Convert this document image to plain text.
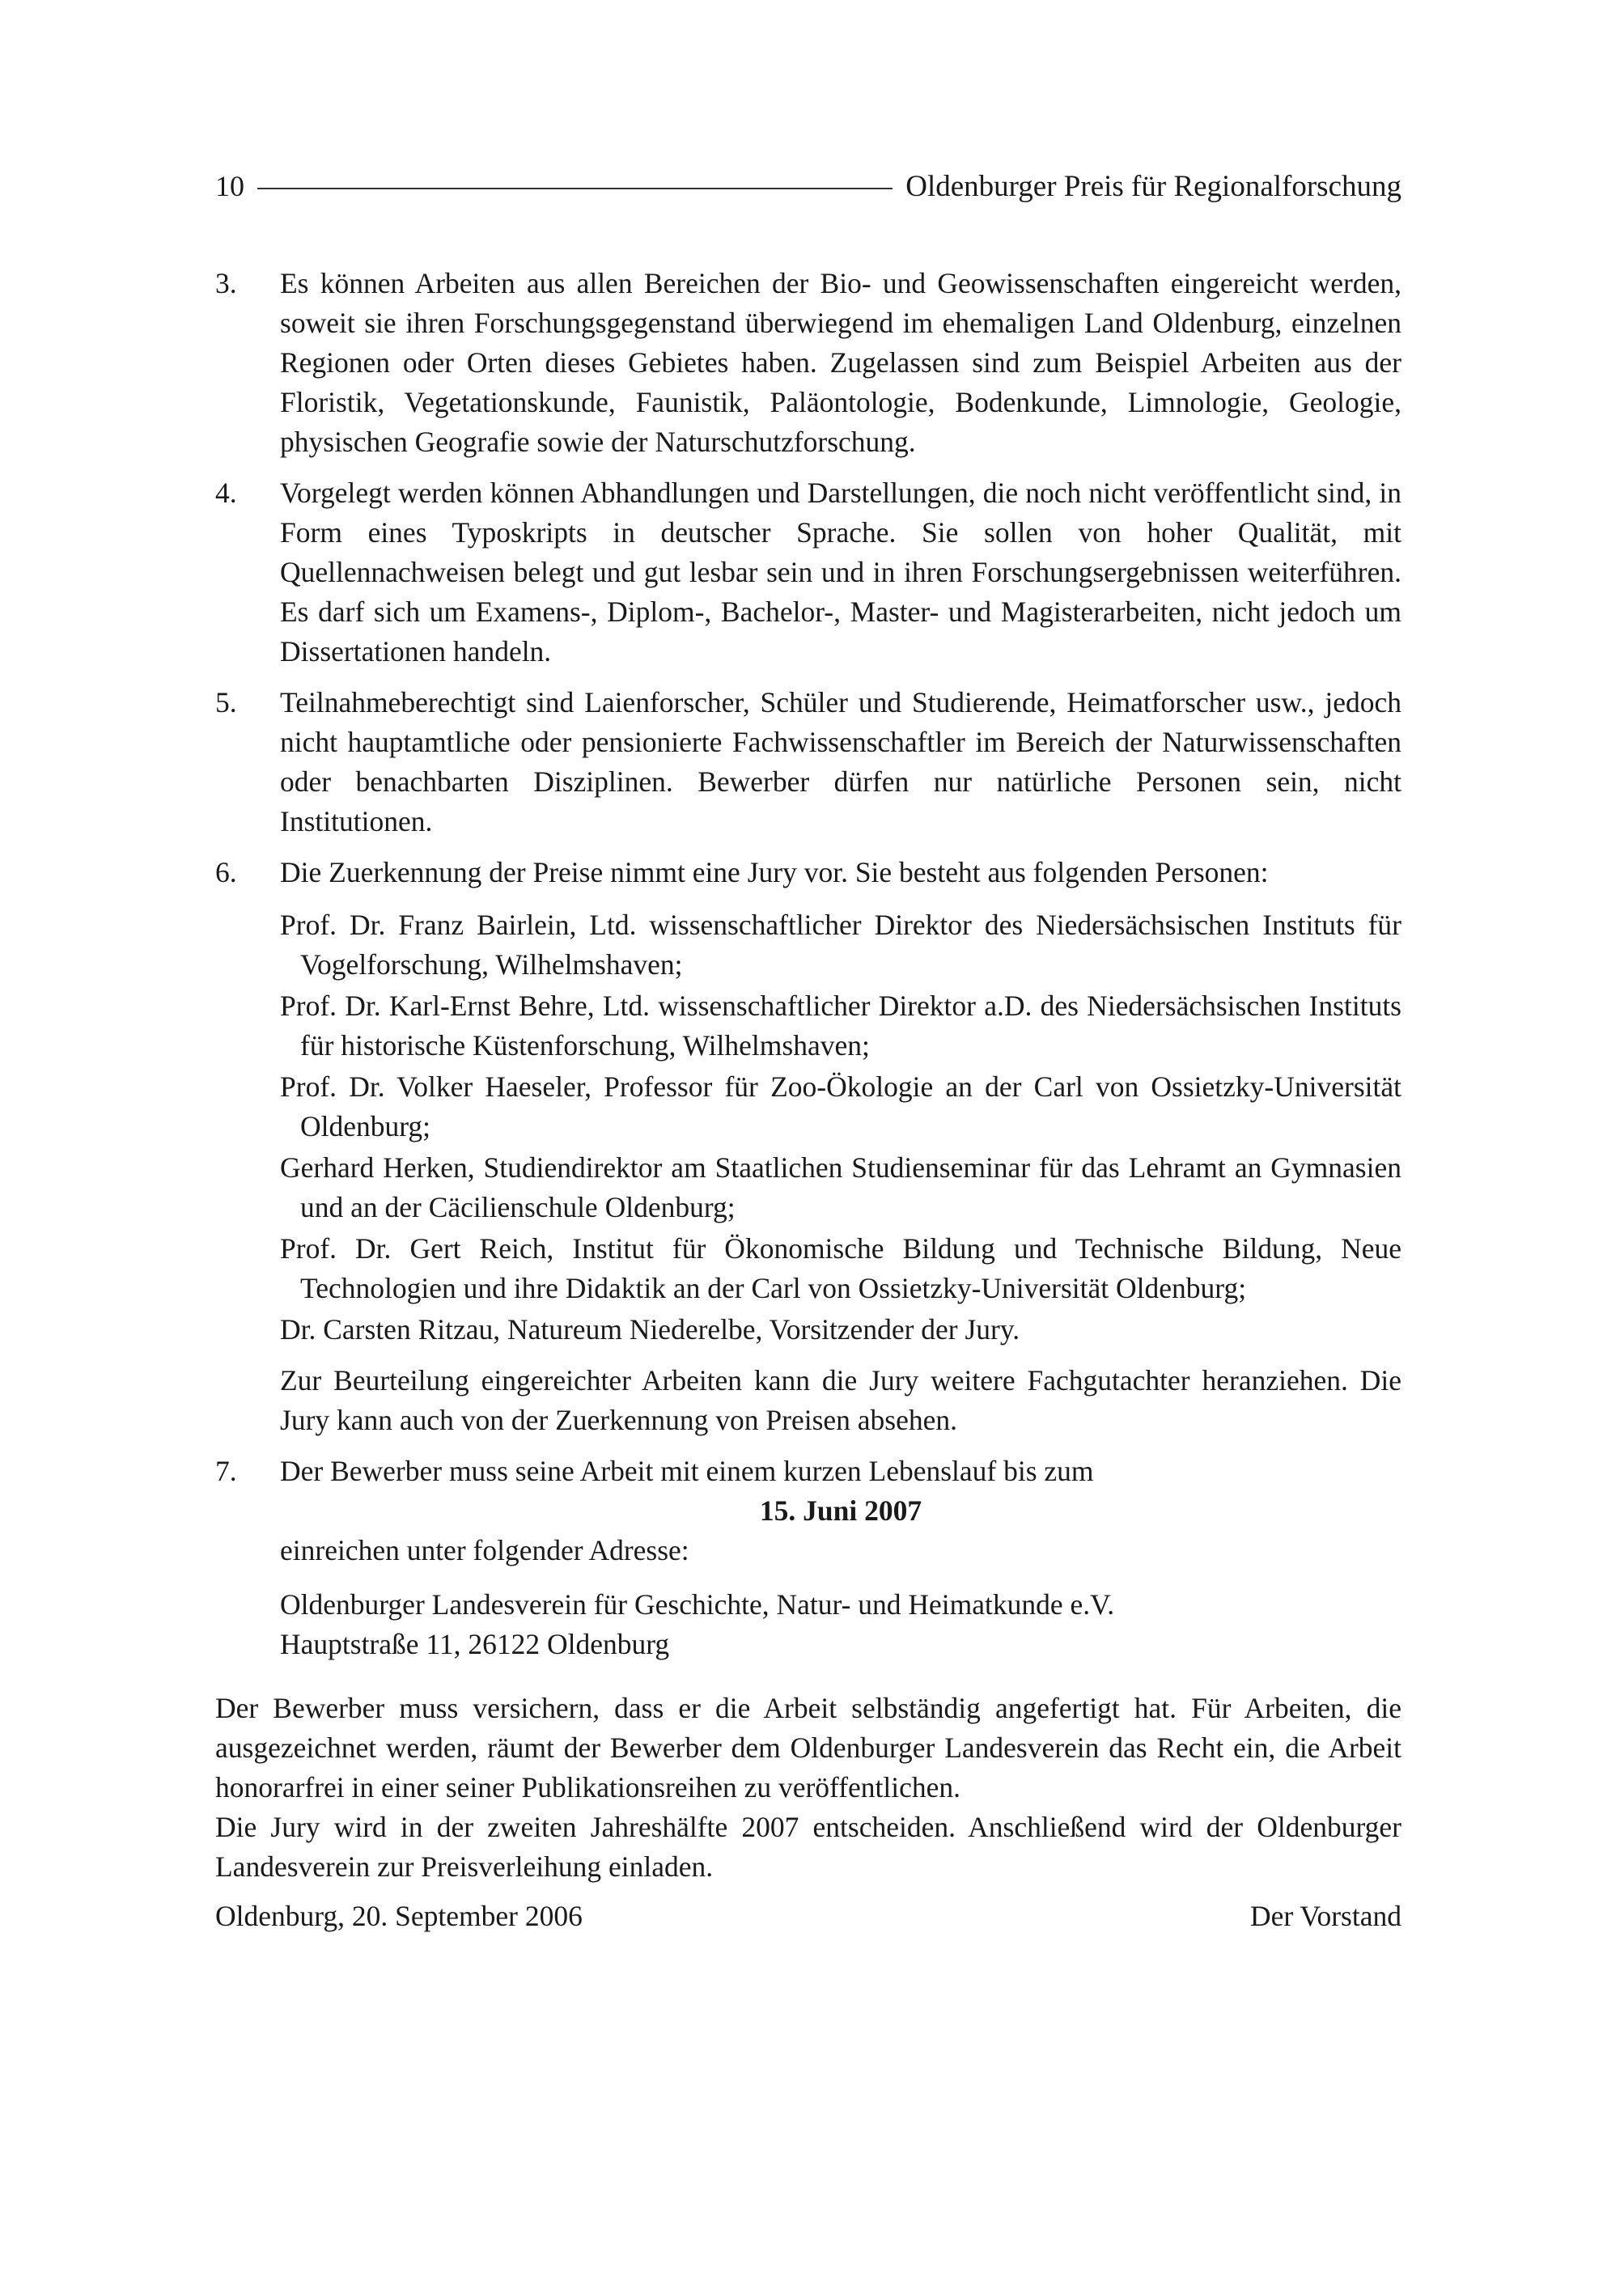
10	Oldenburger Preis für Regionalforschung
3.	Es können Arbeiten aus allen Bereichen der Bio- und Geowissenschaften eingereicht werden, soweit sie ihren Forschungsgegenstand überwiegend im ehemaligen Land Oldenburg, einzelnen Regionen oder Orten dieses Gebietes haben. Zugelassen sind zum Beispiel Arbeiten aus der Floristik, Vegetationskunde, Faunistik, Paläontologie, Bodenkunde, Limnologie, Geologie, physischen Geografie sowie der Naturschutzforschung.

4.	Vorgelegt werden können Abhandlungen und Darstellungen, die noch nicht veröffentlicht sind, in Form eines Typoskripts in deutscher Sprache. Sie sollen von hoher Qualität, mit Quellennachweisen belegt und gut lesbar sein und in ihren Forschungsergebnissen weiterführen. Es darf sich um Examens-, Diplom-, Bachelor-, Master- und Magisterarbeiten, nicht jedoch um Dissertationen handeln.

5.	Teilnahmeberechtigt sind Laienforscher, Schüler und Studierende, Heimatforscher usw., jedoch nicht hauptamtliche oder pensionierte Fachwissenschaftler im Bereich der Naturwissenschaften oder benachbarten Disziplinen. Bewerber dürfen nur natürliche Personen sein, nicht Institutionen.

6.	Die Zuerkennung der Preise nimmt eine Jury vor. Sie besteht aus folgenden Personen:

Prof. Dr. Franz Bairlein, Ltd. wissenschaftlicher Direktor des Niedersächsischen Instituts für Vogelforschung, Wilhelmshaven;

Prof. Dr. Karl-Ernst Behre, Ltd. wissenschaftlicher Direktor a.D. des Niedersächsischen Instituts für historische Küstenforschung, Wilhelmshaven;

Prof. Dr. Volker Haeseler, Professor für Zoo-Ökologie an der Carl von Ossietzky-Universität Oldenburg;

Gerhard Herken, Studiendirektor am Staatlichen Studienseminar für das Lehramt an Gymnasien und an der Cäcilienschule Oldenburg;

Prof. Dr. Gert Reich, Institut für Ökonomische Bildung und Technische Bildung, Neue Technologien und ihre Didaktik an der Carl von Ossietzky-Universität Oldenburg;

Dr. Carsten Ritzau, Natureum Niederelbe, Vorsitzender der Jury.

Zur Beurteilung eingereichter Arbeiten kann die Jury weitere Fachgutachter heranziehen. Die Jury kann auch von der Zuerkennung von Preisen absehen.

7.	Der Bewerber muss seine Arbeit mit einem kurzen Lebenslauf bis zum

15. Juni 2007

einreichen unter folgender Adresse:

Oldenburger Landesverein für Geschichte, Natur- und Heimatkunde e.V.
Hauptstraße 11, 26122 Oldenburg

Der Bewerber muss versichern, dass er die Arbeit selbständig angefertigt hat. Für Arbeiten, die ausgezeichnet werden, räumt der Bewerber dem Oldenburger Landesverein das Recht ein, die Arbeit honorarfrei in einer seiner Publikationsreihen zu veröffentlichen.

Die Jury wird in der zweiten Jahreshälfte 2007 entscheiden. Anschließend wird der Oldenburger Landesverein zur Preisverleihung einladen.

Oldenburg, 20. September 2006	Der Vorstand
